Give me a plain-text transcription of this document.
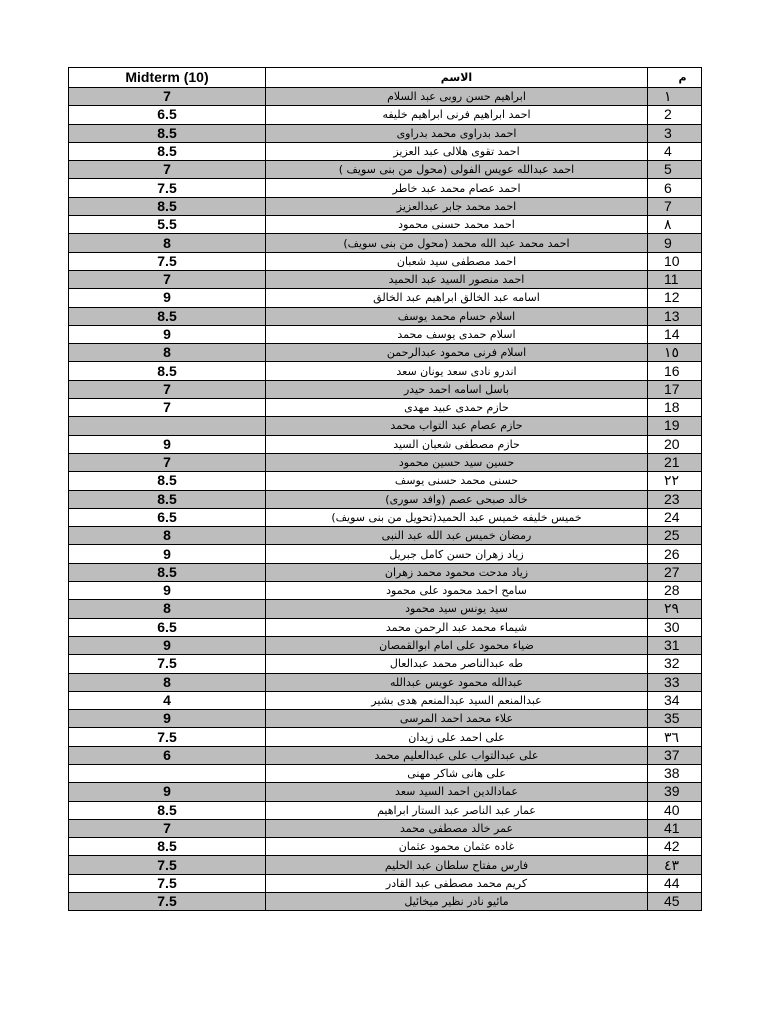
Midterm (10)	الاسم	م
7	ابراهيم حسن روبى عبد السلام	١
6.5	احمد ابراهيم فرنى ابراهيم خليفه	2
8.5	احمد بدراوى محمد بدراوى	3
8.5	احمد تقوى هلالى عبد العزيز	4
7	احمد عبدالله عويس الفولى (محول من بنى سويف )	5
7.5	احمد عصام محمد عبد خاطر	6
8.5	احمد محمد جابر عبدالعزيز	7
5.5	احمد محمد حسنى محمود	٨
8	احمد محمد عبد الله محمد (محول من بنى سويف)	9
7.5	احمد مصطفى سيد شعبان	10
7	احمد منصور السيد عبد الحميد	11
9	اسامه عبد الخالق ابراهيم عبد الخالق	12
8.5	اسلام حسام محمد يوسف	13
9	اسلام حمدى يوسف محمد	14
8	اسلام فرنى محمود عبدالرحمن	١٥
8.5	اندرو نادى سعد يونان سعد	16
7	باسل اسامه احمد حيدر	17
7	حازم حمدى عبيد مهدى	18
	حازم عصام عبد التواب محمد	19
9	حازم مصطفى شعبان السيد	20
7	حسين سيد حسين محمود	21
8.5	حسنى محمد حسنى يوسف	٢٢
8.5	خالد صبحى عصم (وافد سورى)	23
6.5	خميس خليفه خميس عبد الحميد(تحويل من بنى سويف)	24
8	رمضان خميس عبد الله عبد النبى	25
9	زياد زهران حسن كامل جبريل	26
8.5	زياد مدحت محمود محمد زهران	27
9	سامح احمد محمود على محمود	28
8	سيد يونس سيد محمود	٢٩
6.5	شيماء محمد عبد الرحمن محمد	30
9	ضياء محمود على امام ابوالقمصان	31
7.5	طه عبدالناصر محمد عبدالعال	32
8	عبدالله محمود عويس عبدالله	33
4	عبدالمنعم السيد عبدالمنعم هدى بشير	34
9	علاء محمد احمد المرسى	35
7.5	على احمد على زيدان	٣٦
6	على عبدالتواب على عبدالعليم محمد	37
	على هانى شاكر مهنى	38
9	عمادالدين احمد السيد سعد	39
8.5	عمار عبد الناصر عبد الستار ابراهيم	40
7	عمر خالد مصطفى محمد	41
8.5	غاده عثمان محمود عثمان	42
7.5	فارس مفتاح سلطان عبد الحليم	٤٣
7.5	كريم محمد مصطفى عبد القادر	44
7.5	مائيو نادر نظير ميخائيل	45
